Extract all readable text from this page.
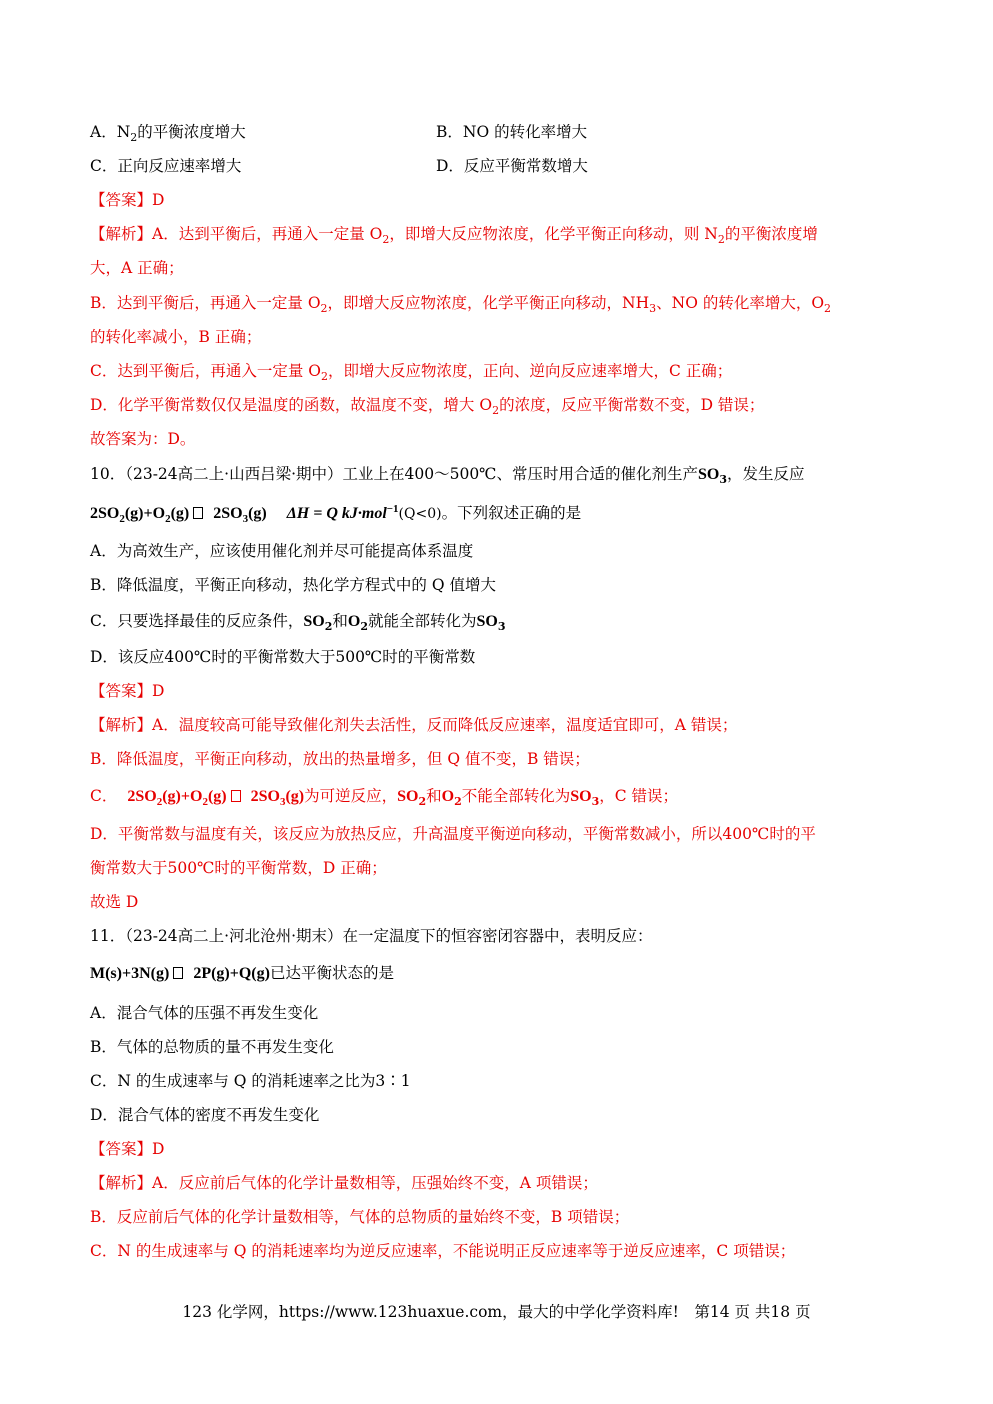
A．$N_2$的平衡浓度增大	B．NO 的转化率增大
C．正向反应速率增大	D．反应平衡常数增大
【答案】D
【解析】A．达到平衡后，再通入一定量 $O_2$，即增大反应物浓度，化学平衡正向移动，则 $N_2$的平衡浓度增
大，A 正确；
B．达到平衡后，再通入一定量 $O_2$，即增大反应物浓度，化学平衡正向移动，$NH_3$、NO 的转化率增大，$O_2$
的转化率减小，B 正确；
C．达到平衡后，再通入一定量 $O_2$，即增大反应物浓度，正向、逆向反应速率增大，C 正确；
D．化学平衡常数仅仅是温度的函数，故温度不变，增大 $O_2$的浓度，反应平衡常数不变，D 错误；
故答案为：D。
10．（23-24高二上·山西吕梁·期中）工业上在400～500℃、常压时用合适的催化剂生产$SO_3$，发生反应
$2SO_2(g)+O_2(g)$ $2SO_3(g) \Delta H = Q$ kJ·mol$^{-1}$(Q<0)。下列叙述正确的是
A．为高效生产，应该使用催化剂并尽可能提高体系温度
B．降低温度，平衡正向移动，热化学方程式中的 Q 值增大
C．只要选择最佳的反应条件，$SO_2$和$O_2$就能全部转化为$SO_3$
D．该反应400℃时的平衡常数大于500℃时的平衡常数
【答案】D
【解析】A．温度较高可能导致催化剂失去活性，反而降低反应速率，温度适宜即可，A 错误；
B．降低温度，平衡正向移动，放出的热量增多，但 Q 值不变，B 错误；
C． $2SO_2(g)+O_2(g)$ $2SO_3(g)$为可逆反应，$SO_2$和$O_2$不能全部转化为$SO_3$，C 错误；
D．平衡常数与温度有关，该反应为放热反应，升高温度平衡逆向移动，平衡常数减小，所以400℃时的平
衡常数大于500℃时的平衡常数，D 正确；
故选 D
11．（23-24高二上·河北沧州·期末）在一定温度下的恒容密闭容器中，表明反应：
M(s)+3N(g) 2P(g)+Q(g)已达平衡状态的是
A．混合气体的压强不再发生变化
B．气体的总物质的量不再发生变化
C．N 的生成速率与 Q 的消耗速率之比为3∶1
D．混合气体的密度不再发生变化
【答案】D
【解析】A．反应前后气体的化学计量数相等，压强始终不变，A 项错误；
B．反应前后气体的化学计量数相等，气体的总物质的量始终不变，B 项错误；
C．N 的生成速率与 Q 的消耗速率均为逆反应速率，不能说明正反应速率等于逆反应速率，C 项错误；
123 化学网，https://www.123huaxue.com，最大的中学化学资料库!　第14 页 共18 页
